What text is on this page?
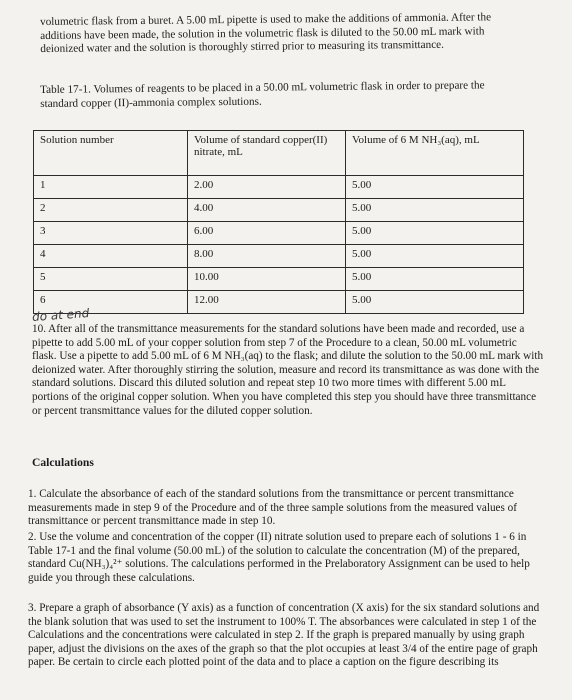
volumetric flask from a buret. A 5.00 mL pipette is used to make the additions of ammonia. After the additions have been made, the solution in the volumetric flask is diluted to the 50.00 mL mark with deionized water and the solution is thoroughly stirred prior to measuring its transmittance.

Table 17-1. Volumes of reagents to be placed in a 50.00 mL volumetric flask in order to prepare the standard copper (II)-ammonia complex solutions.

Solution number	Volume of standard copper(II) nitrate, mL	Volume of 6 M NH₃(aq), mL
1	2.00	5.00
2	4.00	5.00
3	6.00	5.00
4	8.00	5.00
5	10.00	5.00
6	12.00	5.00
do at end

10. After all of the transmittance measurements for the standard solutions have been made and recorded, use a pipette to add 5.00 mL of your copper solution from step 7 of the Procedure to a clean, 50.00 mL volumetric flask. Use a pipette to add 5.00 mL of 6 M NH₃(aq) to the flask; and dilute the solution to the 50.00 mL mark with deionized water. After thoroughly stirring the solution, measure and record its transmittance as was done with the standard solutions. Discard this diluted solution and repeat step 10 two more times with different 5.00 mL portions of the original copper solution. When you have completed this step you should have three transmittance or percent transmittance values for the diluted copper solution.

Calculations

1. Calculate the absorbance of each of the standard solutions from the transmittance or percent transmittance measurements made in step 9 of the Procedure and of the three sample solutions from the measured values of transmittance or percent transmittance made in step 10.

2. Use the volume and concentration of the copper (II) nitrate solution used to prepare each of solutions 1 - 6 in Table 17-1 and the final volume (50.00 mL) of the solution to calculate the concentration (M) of the prepared, standard Cu(NH₃)₄²⁺ solutions. The calculations performed in the Prelaboratory Assignment can be used to help guide you through these calculations.

3. Prepare a graph of absorbance (Y axis) as a function of concentration (X axis) for the six standard solutions and the blank solution that was used to set the instrument to 100% T. The absorbances were calculated in step 1 of the Calculations and the concentrations were calculated in step 2. If the graph is prepared manually by using graph paper, adjust the divisions on the axes of the graph so that the plot occupies at least 3/4 of the entire page of graph paper. Be certain to circle each plotted point of the data and to place a caption on the figure describing its
